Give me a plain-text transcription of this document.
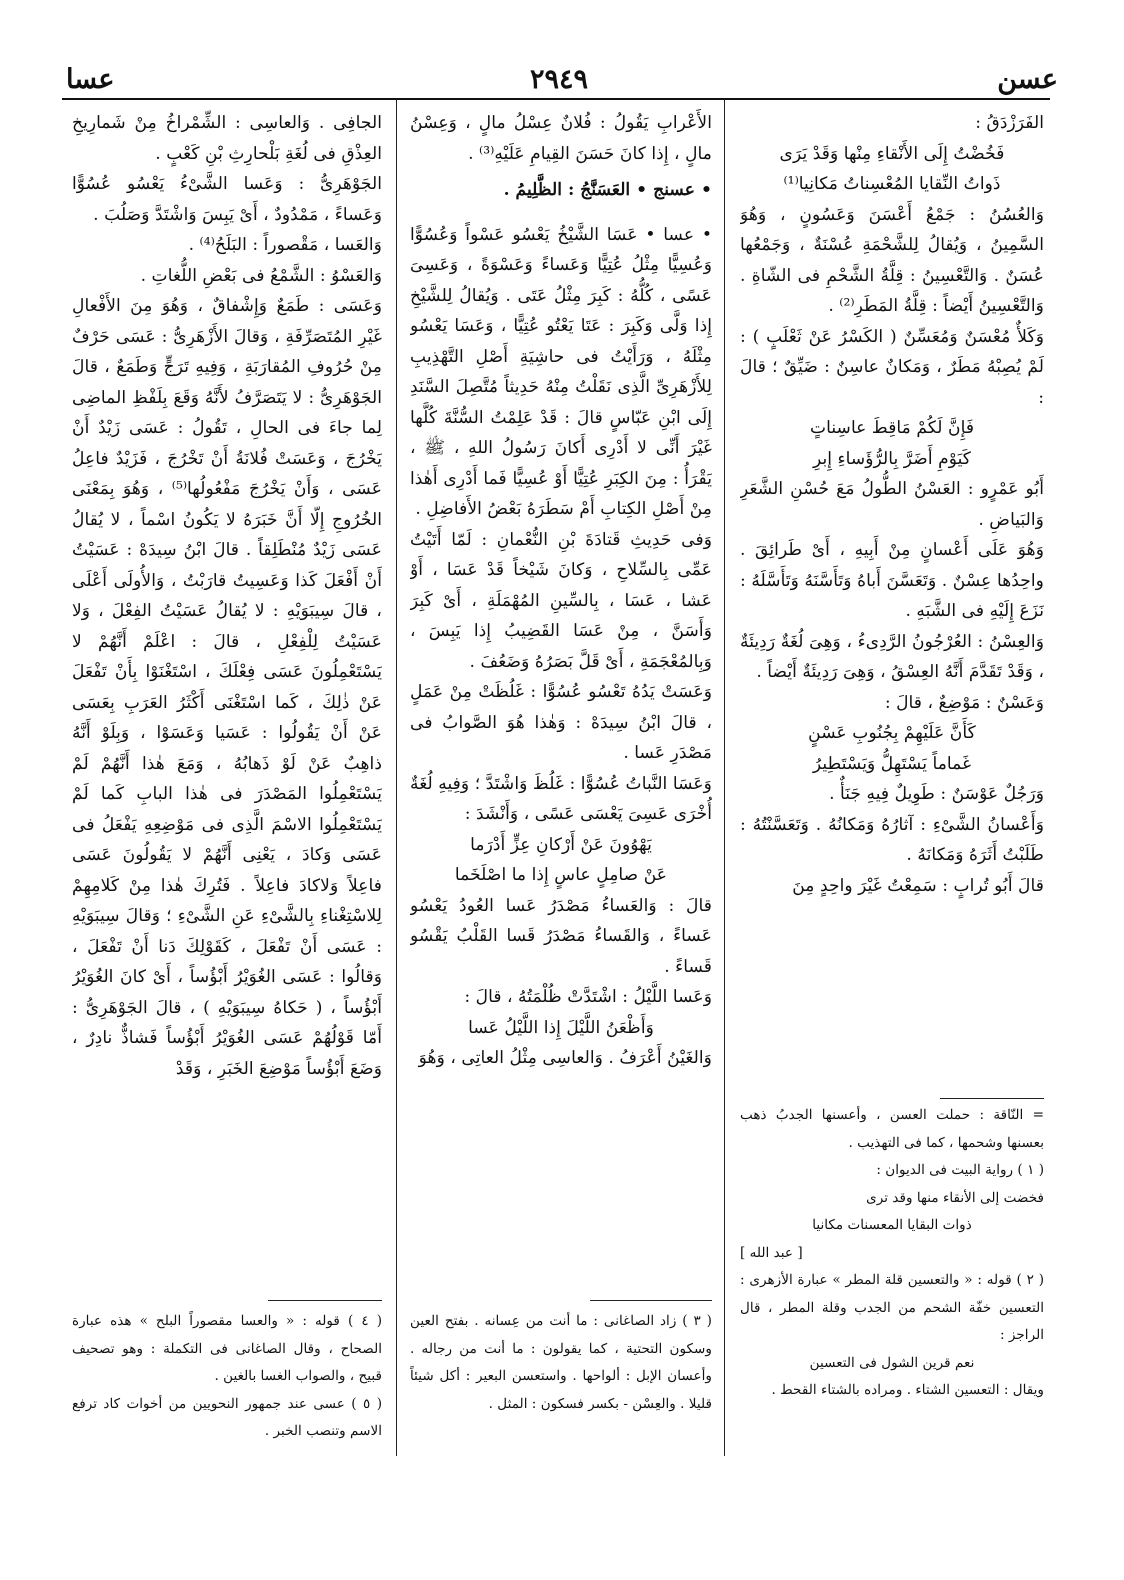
عسن
٢٩٤٩
عسا

الفَرَزْدَقُ :

فَخُضْتُ إِلَى الأَنْقاءِ مِنْها وَقَدْ يَرَى

ذَواتُ النِّقايا المُعْسِناتُ مَكانِيا⁽¹⁾

وَالعُسُنُ : جَمْعُ أَعْسَنَ وَعَسُونٍ ، وَهُوَ السَّمِينُ ، وَيُقالُ لِلشَّحْمَةِ عُسْنَةٌ ، وَجَمْعُها عُسَنٌ . وَالتَّعْسِينُ : قِلَّةُ الشَّحْمِ فى الشّاةِ . وَالتَّعْسِينُ أَيْضاً : قِلَّةُ المَطَرِ⁽²⁾ .

وَكَلأٌ مُعْسَنٌ وَمُعَسِّنٌ ( الكَسْرُ عَنْ ثَعْلَبٍ ) : لَمْ يُصِبْهُ مَطَرٌ ، وَمَكانٌ عاسِنٌ : ضَيِّقٌ ؛ قالَ :

فَإِنَّ لَكُمْ مَاقِطَ عاسِناتٍ

كَيَوْمِ أَضَرَّ بِالرُّؤَساءِ إِبرِ

أَبُو عَمْرٍو : العَسْنُ الطُّولُ مَعَ حُسْنِ الشَّعَرِ وَالبَياضِ .

وَهُوَ عَلَى أَعْسانٍ مِنْ أَبِيهِ ، أَىْ طَرائِقَ . واحِدُها عِسْنٌ . وَتَعَسَّنَ أَباهُ وَتَأَسَّنَهُ وَتَأَسَّلَهُ : نَزَعَ إِلَيْهِ فى الشَّبَهِ .

وَالعِسْنُ : العُرْجُونُ الرَّدِىءُ ، وَهِىَ لُغَةٌ رَدِيئَةٌ ، وَقَدْ تَقَدَّمَ أَنَّهُ العِسْقُ ، وَهِىَ رَدِيئَةٌ أَيْضاً .

وَعَسْنٌ : مَوْضِعٌ ، قالَ :

كَأَنَّ عَلَيْهِمْ بِجُنُوبِ عَسْنٍ

غَماماً يَسْتَهِلُّ وَيَسْتَطِيرُ

وَرَجُلٌ عَوْسَنٌ : طَوِيلٌ فِيهِ جَنَأٌ .

وَأَعْسانُ الشَّىْءِ : آثارُهُ وَمَكانُهُ . وَتَعَسَّنْتُهُ : طَلَبْتُ أَثَرَهُ وَمَكانَهُ .

قالَ أَبُو تُرابٍ : سَمِعْتُ غَيْرَ واحِدٍ مِنَ

الأَعْرابِ يَقُولُ : فُلانٌ عِسْلُ مالٍ ، وَعِسْنُ مالٍ ، إِذا كانَ حَسَنَ القِيامِ عَلَيْهِ⁽³⁾ .

• عسنج • العَسَنَّجُ : الظَّلِيمُ .

• عسا • عَسَا الشَّيْخُ يَعْسُو عَسْواً وَعُسُوًّا وَعُسِيًّا مِثْلُ عُتِيًّا وَعَساءً وَعَسْوَةً ، وَعَسِىَ عَسًى ، كُلُّهُ : كَبِرَ مِثْلُ عَتَى . وَيُقالُ لِلشَّيْخِ إِذا وَلَّى وَكَبِرَ : عَتَا يَعْتُو عُتِيًّا ، وَعَسَا يَعْسُو مِثْلَهُ ، وَرَأَيْتُ فى حاشِيَةِ أَصْلِ التَّهْذِيبِ لِلأَزْهَرِىِّ الَّذِى نَقَلْتُ مِنْهُ حَدِيثاً مُتَّصِلَ السَّنَدِ إِلَى ابْنِ عَبّاسٍ قالَ : قَدْ عَلِمْتُ السُّنَّةَ كُلَّها غَيْرَ أَنِّى لا أَدْرِى أَكانَ رَسُولُ اللهِ ، ﷺ ، يَقْرَأُ : مِنَ الكِبَرِ عُتِيًّا أَوْ عُسِيًّا فَما أَدْرِى أَهٰذا مِنْ أَصْلِ الكِتابِ أَمْ سَطَرَهُ بَعْضُ الأَفاضِلِ .

وَفى حَدِيثِ قَتادَةَ بْنِ النُّعْمانِ : لَمّا أَتَيْتُ عَمِّى بِالسِّلاحِ ، وَكانَ شَيْخاً قَدْ عَسَا ، أَوْ عَشا ، عَسَا ، بِالسِّينِ المُهْمَلَةِ ، أَىْ كَبِرَ وَأَسَنَّ ، مِنْ عَسَا القَضِيبُ إِذا يَبِسَ ، وَبِالمُعْجَمَةِ ، أَىْ قَلَّ بَصَرُهُ وَضَعُفَ .

وَعَسَتْ يَدُهُ تَعْسُو عُسُوًّا : غَلُظَتْ مِنْ عَمَلٍ ، قالَ ابْنُ سِيدَهْ : وَهٰذا هُوَ الصَّوابُ فى مَصْدَرِ عَسا .

وَعَسَا النَّباتُ عُسُوًّا : غَلُظَ وَاشْتَدَّ ؛ وَفِيهِ لُغَةٌ أُخْرَى عَسِىَ يَعْسَى عَسًى ، وَأَنْشَدَ :

يَهْوُونَ عَنْ أَرْكانِ عِزٍّ أَدْرَما

عَنْ صامِلٍ عاسٍ إِذا ما اصْلَخَما

قالَ : وَالعَساءُ مَصْدَرُ عَسا العُودُ يَعْسُو عَساءً ، وَالقَساءُ مَصْدَرُ قَسا القَلْبُ يَقْسُو قَساءً .

وَعَسا اللَّيْلُ : اشْتَدَّتْ ظُلْمَتُهُ ، قالَ :

وَأَظْعَنُ اللَّيْلَ إِذا اللَّيْلُ عَسا

وَالغَيْنُ أَعْرَفُ . وَالعاسِى مِثْلُ العاتِى ، وَهُوَ

الجافِى . وَالعاسِى : الشِّمْراخُ مِنْ شَمارِيخِ العِذْقِ فى لُغَةِ بَلْحارِثِ بْنِ كَعْبٍ .

الجَوْهَرِىُّ : وَعَسا الشَّىْءُ يَعْسُو عُسُوًّا وَعَساءً ، مَمْدُودٌ ، أَىْ يَبِسَ وَاشْتَدَّ وَصَلُبَ .

وَالعَسا ، مَقْصوراً : البَلَحُ⁽⁴⁾ .

وَالعَسْوُ : الشَّمْعُ فى بَعْضِ اللُّغاتِ .

وَعَسَى : طَمَعٌ وَإِشْفاقٌ ، وَهُوَ مِنَ الأَفْعالِ غَيْرِ المُتَصَرِّفَةِ ، وَقالَ الأَزْهَرِىُّ : عَسَى حَرْفٌ مِنْ حُرُوفِ المُقارَبَةِ ، وَفِيهِ تَرَجٍّ وَطَمَعٌ ، قالَ الجَوْهَرِىُّ : لا يَتَصَرَّفُ لأَنَّهُ وَقَعَ بِلَفْظِ الماضِى لِما جاءَ فى الحالِ ، تَقُولُ : عَسَى زَيْدٌ أَنْ يَخْرُجَ ، وَعَسَتْ فُلانَةُ أَنْ تَخْرُجَ ، فَزَيْدٌ فاعِلُ عَسَى ، وَأَنْ يَخْرُجَ مَفْعُولُها⁽⁵⁾ ، وَهُوَ بِمَعْنَى الخُرُوجِ إِلّا أَنَّ خَبَرَهُ لا يَكُونُ اسْماً ، لا يُقالُ عَسَى زَيْدٌ مُنْطَلِقاً . قالَ ابْنُ سِيدَهْ : عَسَيْتُ أَنْ أَفْعَلَ كَذا وَعَسِيتُ قارَبْتُ ، وَالأُولَى أَعْلَى ، قالَ سِيبَوَيْهِ : لا يُقالُ عَسَيْتُ الفِعْلَ ، وَلا عَسَيْتُ لِلْفِعْلِ ، قالَ : اعْلَمْ أَنَّهُمْ لا يَسْتَعْمِلُونَ عَسَى فِعْلَكَ ، اسْتَغْنَوْا بِأَنْ تَفْعَلَ عَنْ ذٰلِكَ ، كَما اسْتَغْنَى أَكْثَرُ العَرَبِ بِعَسَى عَنْ أَنْ يَقُولُوا : عَسَيا وَعَسَوْا ، وَبِلَوْ أَنَّهُ ذاهِبٌ عَنْ لَوْ ذَهابُهُ ، وَمَعَ هٰذا أَنَّهُمْ لَمْ يَسْتَعْمِلُوا المَصْدَرَ فى هٰذا البابِ كَما لَمْ يَسْتَعْمِلُوا الاسْمَ الَّذِى فى مَوْضِعِهِ يَفْعَلُ فى عَسَى وَكادَ ، يَعْنِى أَنَّهُمْ لا يَقُولُونَ عَسَى فاعِلاً وَلاكادَ فاعِلاً . فَتُرِكَ هٰذا مِنْ كَلامِهِمْ لِلاسْتِغْناءِ بِالشَّىْءِ عَنِ الشَّىْءِ ؛ وَقالَ سِيبَوَيْهِ : عَسَى أَنْ تَفْعَلَ ، كَقَوْلِكَ دَنا أَنْ تَفْعَلَ ، وَقالُوا : عَسَى الغُوَيْرُ أَبْؤُساً ، أَىْ كانَ الغُوَيْرُ أَبْؤُساً ، ( حَكاهُ سِيبَوَيْهِ ) ، قالَ الجَوْهَرِىُّ : أَمّا قَوْلُهُمْ عَسَى الغُوَيْرُ أَبْؤُساً فَشاذٌّ نادِرٌ ، وَضَعَ أَبْؤُساً مَوْضِعَ الخَبَرِ ، وَقَدْ

= النّاقة : حملت العسن ، وأعسنها الجدبُ ذهب بعسنها وشحمها ، كما فى التهذيب .

( ١ ) رواية البيت فى الديوان :

فخضت إلى الأنقاء منها وقد ترى

ذوات البقايا المعسنات مكانيا

[ عبد الله ]

( ٢ ) قوله : « والتعسين قلة المطر » عبارة الأزهرى : التعسين خفّة الشحم من الجدب وقلة المطر ، قال الراجز :

نعم قرين الشول فى التعسين

ويقال : التعسين الشتاء . ومراده بالشتاء القحط .

( ٣ ) زاد الصاغانى : ما أنت من عِسانه . بفتح العين وسكون التحتية ، كما يقولون : ما أنت من رجاله . وأعسان الإبل : ألواحها . واستعسن البعير : أكل شيئاً قليلا . والعِسْن - بكسر فسكون : المثل .

( ٤ ) قوله : « والعسا مقصوراً البلح » هذه عبارة الصحاح ، وقال الصاغانى فى التكملة : وهو تصحيف قبيح ، والصواب الغسا بالغين .

( ٥ ) عسى عند جمهور النحويين من أخوات كاد ترفع الاسم وتنصب الخبر .
